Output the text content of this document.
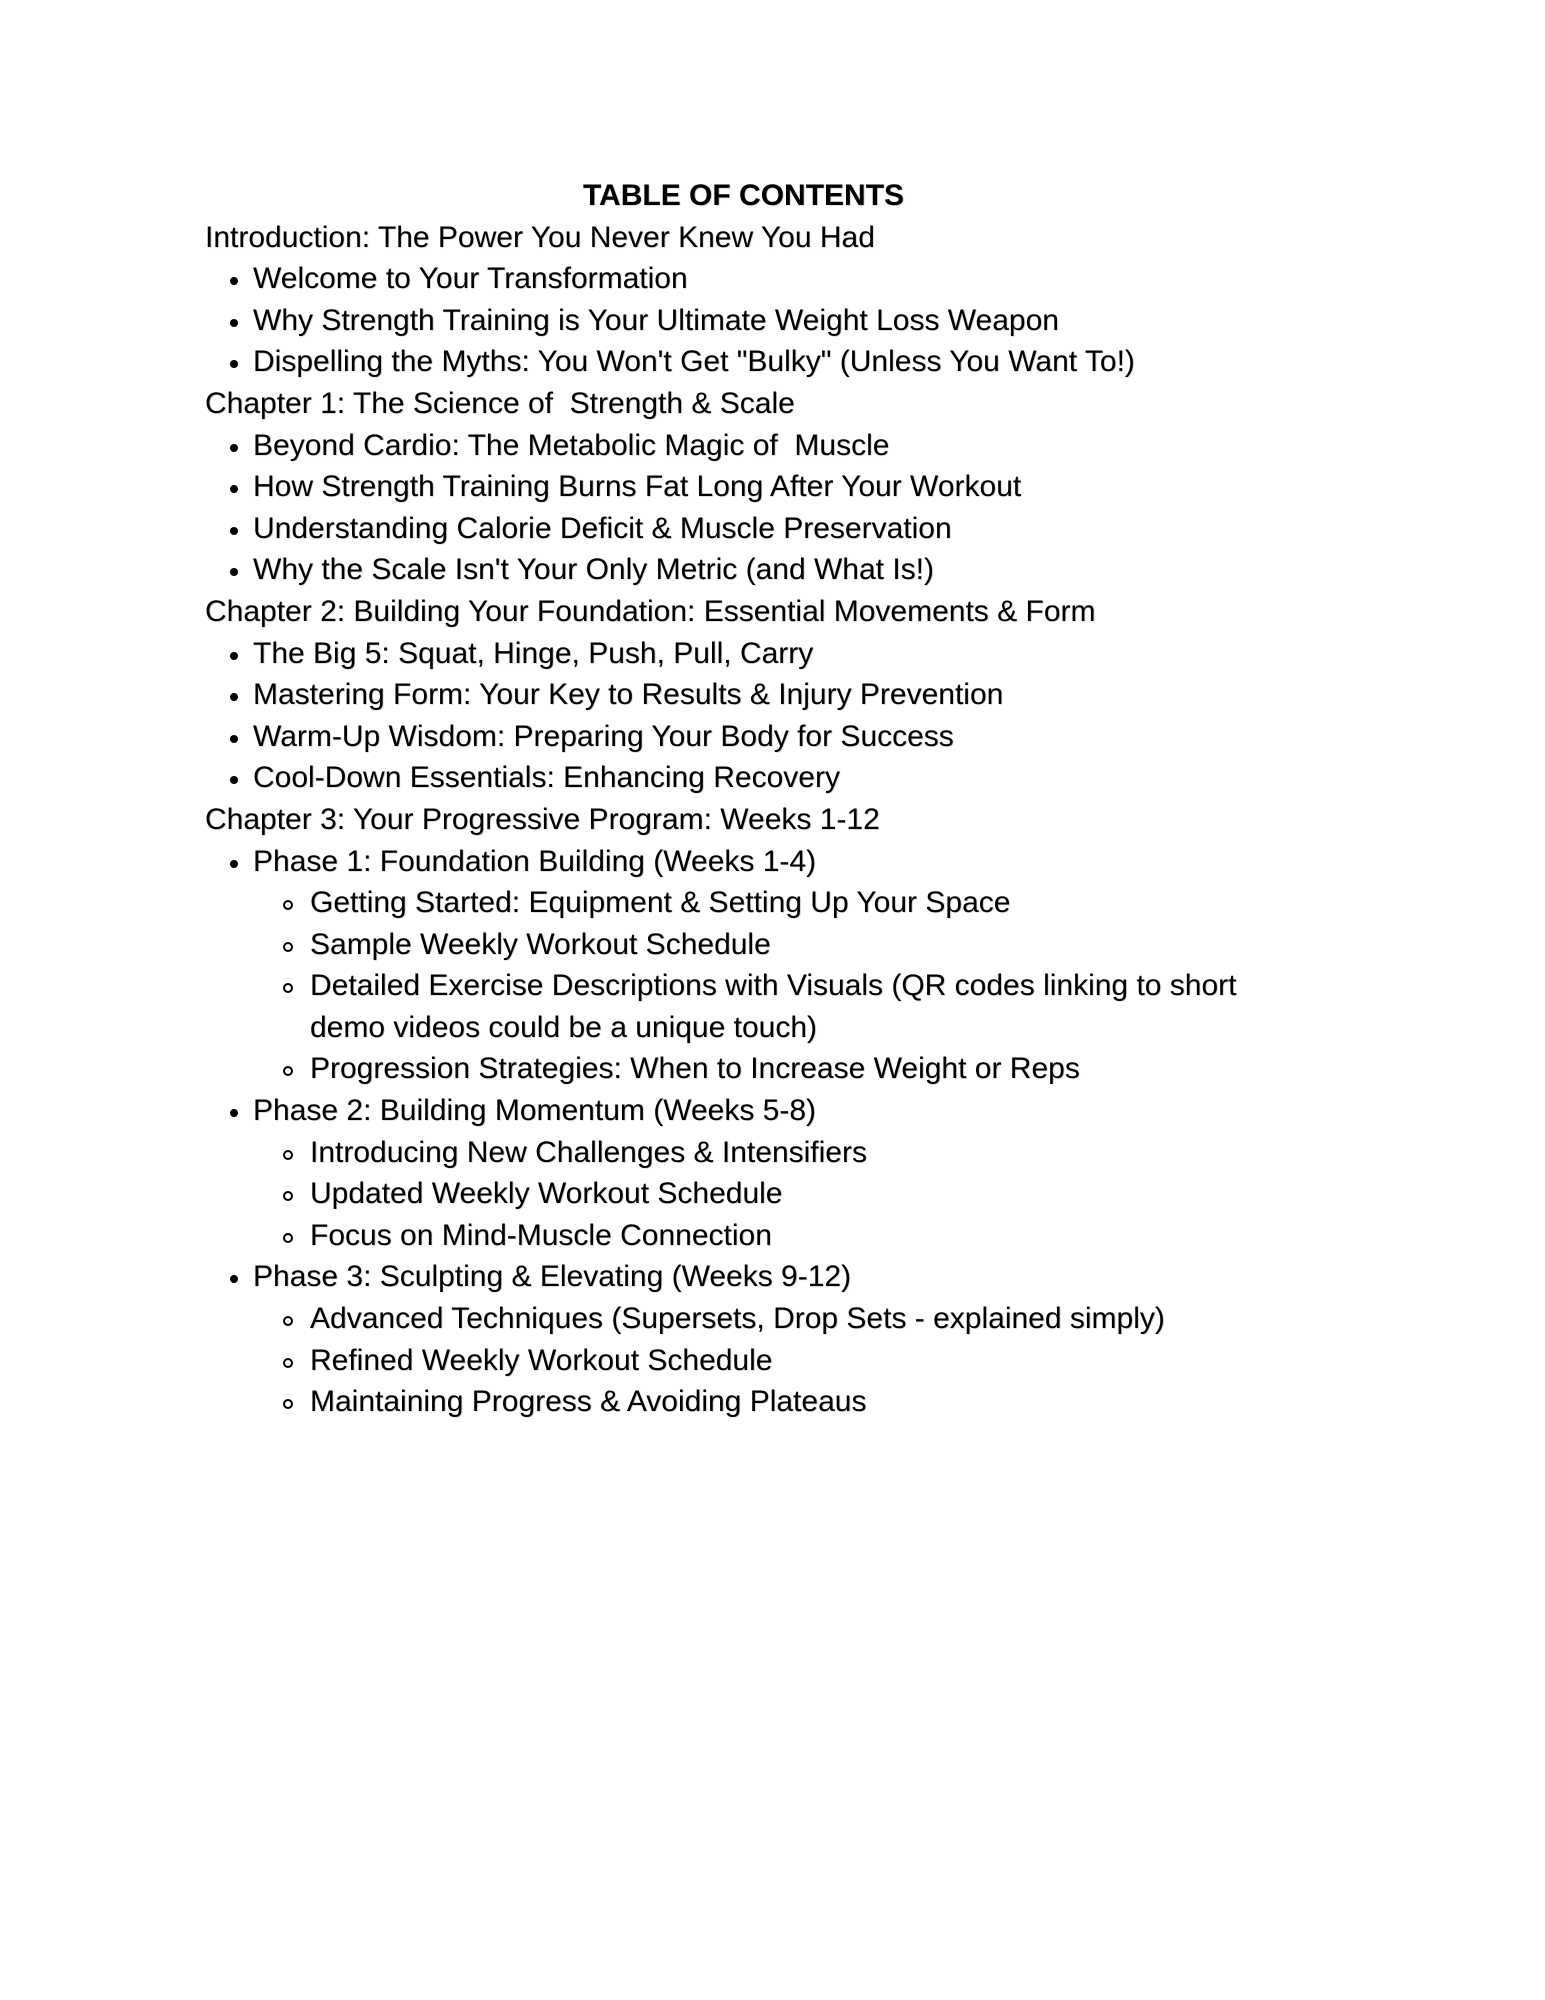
TABLE OF CONTENTS

Introduction: The Power You Never Knew You Had

Welcome to Your Transformation
Why Strength Training is Your Ultimate Weight Loss Weapon
Dispelling the Myths: You Won't Get "Bulky" (Unless You Want To!)

Chapter 1: The Science of  Strength & Scale

Beyond Cardio: The Metabolic Magic of  Muscle
How Strength Training Burns Fat Long After Your Workout
Understanding Calorie Deficit & Muscle Preservation
Why the Scale Isn't Your Only Metric (and What Is!)

Chapter 2: Building Your Foundation: Essential Movements & Form

The Big 5: Squat, Hinge, Push, Pull, Carry
Mastering Form: Your Key to Results & Injury Prevention
Warm-Up Wisdom: Preparing Your Body for Success
Cool-Down Essentials: Enhancing Recovery

Chapter 3: Your Progressive Program: Weeks 1-12

Phase 1: Foundation Building (Weeks 1-4)
Getting Started: Equipment & Setting Up Your Space
Sample Weekly Workout Schedule
Detailed Exercise Descriptions with Visuals (QR codes linking to short demo videos could be a unique touch)
Progression Strategies: When to Increase Weight or Reps
Phase 2: Building Momentum (Weeks 5-8)
Introducing New Challenges & Intensifiers
Updated Weekly Workout Schedule
Focus on Mind-Muscle Connection
Phase 3: Sculpting & Elevating (Weeks 9-12)
Advanced Techniques (Supersets, Drop Sets - explained simply)
Refined Weekly Workout Schedule
Maintaining Progress & Avoiding Plateaus
